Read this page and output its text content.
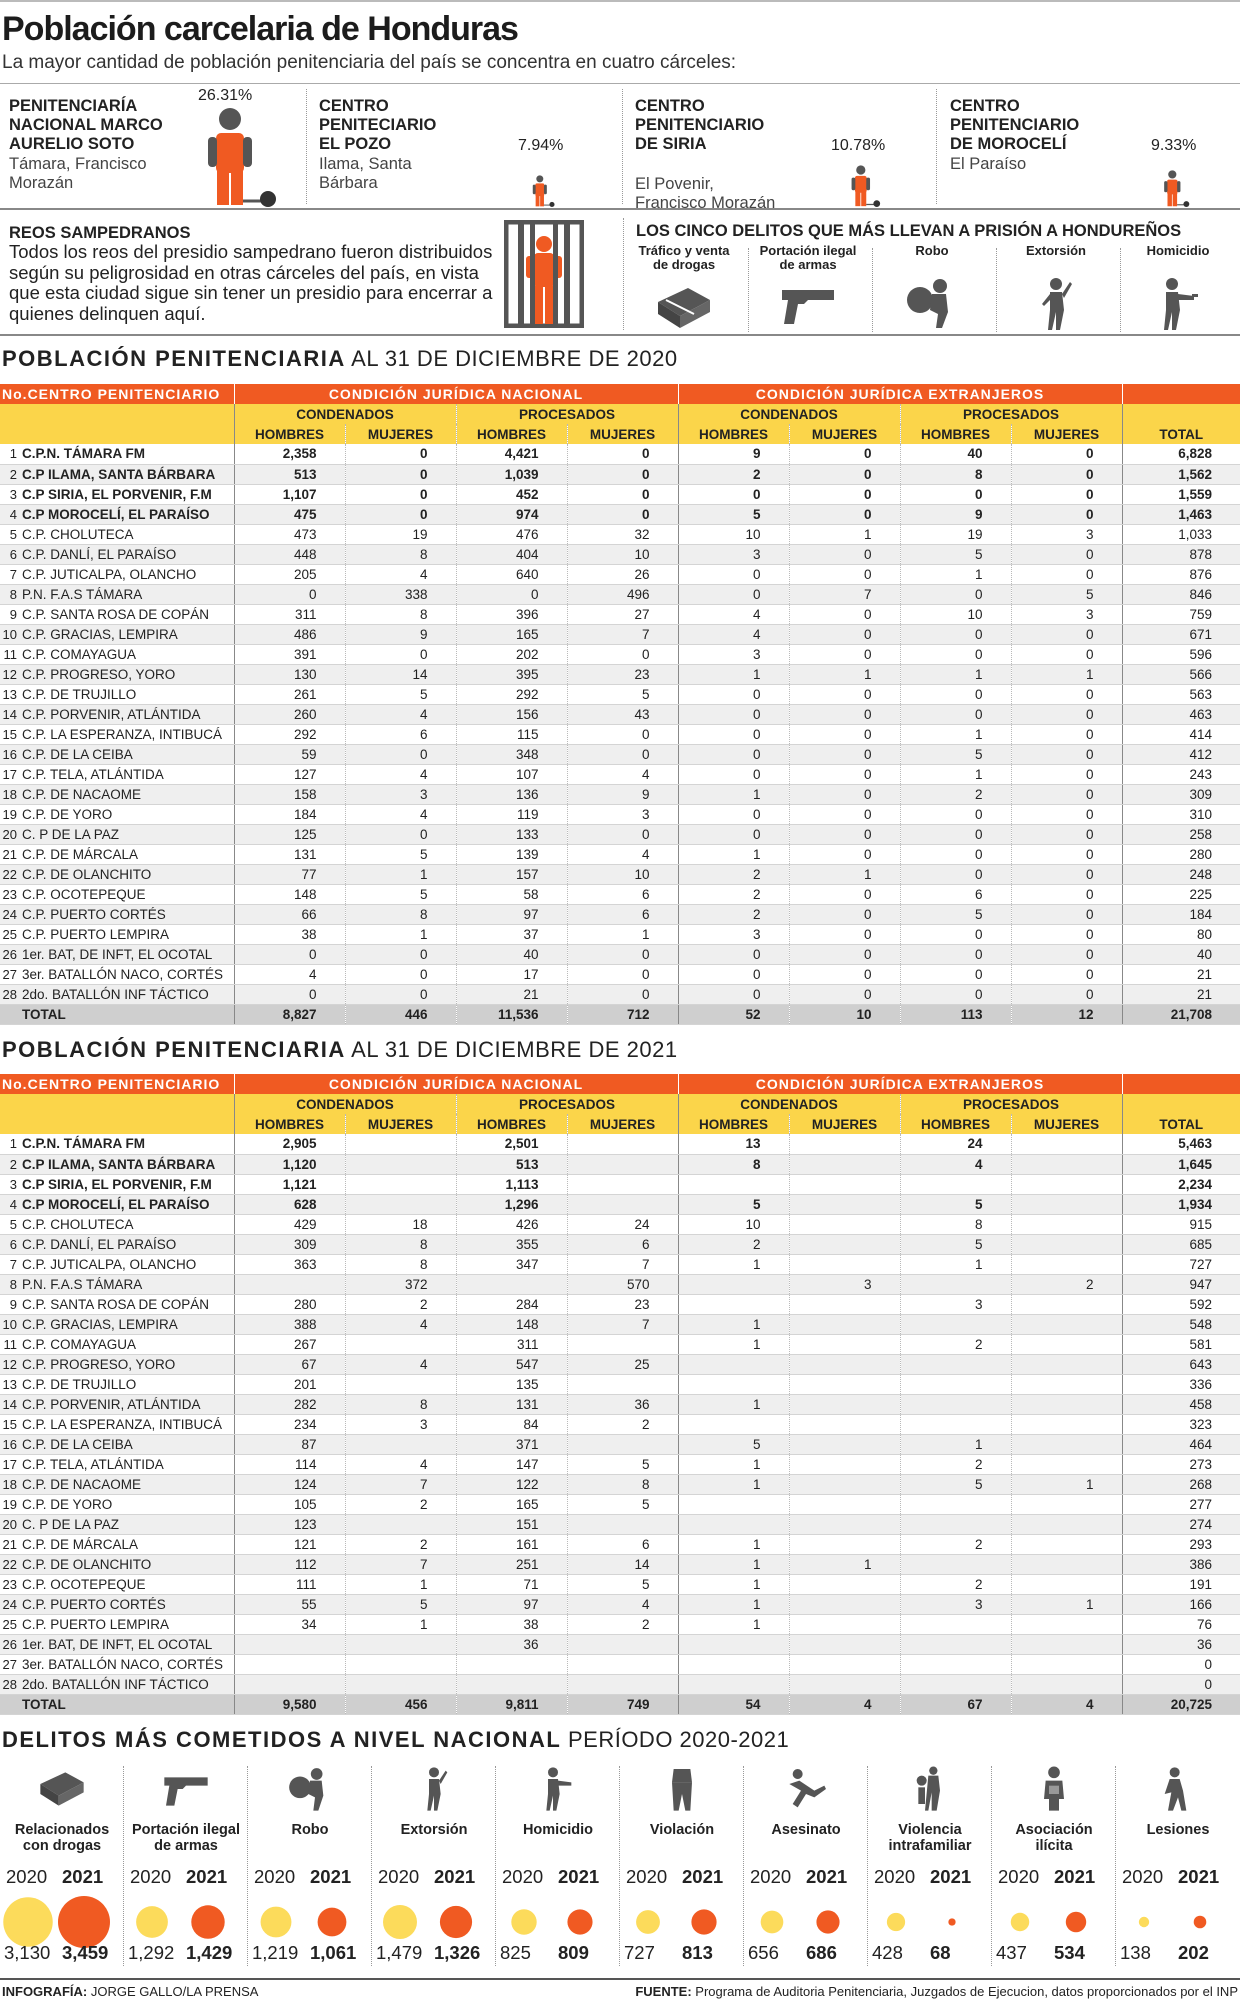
Población carcelaria de Honduras

La mayor cantidad de población penitenciaria del país se concentra en cuatro cárceles:

PENITENCIARÍA
NACIONAL MARCO
AURELIO SOTO
Támara, Francisco
Morazán
26.31%
CENTRO
PENITECIARIO
EL POZO
Ilama, Santa
Bárbara
7.94%
CENTRO
PENITENCIARIO
DE SIRIA
El Povenir,
Francisco Morazán
10.78%
CENTRO
PENITENCIARIO
DE MOROCELÍ
El Paraíso
9.33%
REOS SAMPEDRANOS
Todos los reos del presidio sampedrano fueron distribuidos según su peligrosidad en otras cárceles del país, en vista que esta ciudad sigue sin tener un presidio para encerrar a quienes delinquen aquí.
LOS CINCO DELITOS QUE MÁS LLEVAN A PRISIÓN A HONDUREÑOS
Tráfico y venta
de drogas
Portación ilegal
de armas
Robo	Extorsión	Homicidio
POBLACIÓN PENITENCIARIA AL 31 DE DICIEMBRE DE 2020
No.CENTRO PENITENCIARIO		CONDICIÓN JURÍDICA NACIONAL				CONDICIÓN JURÍDICA EXTRANJEROS				
		CONDENADOS		PROCESADOS		CONDENADOS		PROCESADOS		
		HOMBRES	MUJERES	HOMBRES	MUJERES	HOMBRES	MUJERES	HOMBRES	MUJERES	TOTAL
1	C.P.N. TÁMARA FM	2,358	0	4,421	0	9	0	40	0	6,828
2	C.P ILAMA, SANTA BÁRBARA	513	0	1,039	0	2	0	8	0	1,562
3	C.P SIRIA, EL PORVENIR, F.M	1,107	0	452	0	0	0	0	0	1,559
4	C.P MOROCELÍ, EL PARAÍSO	475	0	974	0	5	0	9	0	1,463
5	C.P. CHOLUTECA	473	19	476	32	10	1	19	3	1,033
6	C.P. DANLÍ, EL PARAÍSO	448	8	404	10	3	0	5	0	878
7	C.P. JUTICALPA, OLANCHO	205	4	640	26	0	0	1	0	876
8	P.N. F.A.S TÁMARA	0	338	0	496	0	7	0	5	846
9	C.P. SANTA ROSA DE COPÁN	311	8	396	27	4	0	10	3	759
10	C.P. GRACIAS, LEMPIRA	486	9	165	7	4	0	0	0	671
11	C.P. COMAYAGUA	391	0	202	0	3	0	0	0	596
12	C.P. PROGRESO, YORO	130	14	395	23	1	1	1	1	566
13	C.P. DE TRUJILLO	261	5	292	5	0	0	0	0	563
14	C.P. PORVENIR, ATLÁNTIDA	260	4	156	43	0	0	0	0	463
15	C.P. LA ESPERANZA, INTIBUCÁ	292	6	115	0	0	0	1	0	414
16	C.P. DE LA CEIBA	59	0	348	0	0	0	5	0	412
17	C.P. TELA, ATLÁNTIDA	127	4	107	4	0	0	1	0	243
18	C.P. DE NACAOME	158	3	136	9	1	0	2	0	309
19	C.P. DE YORO	184	4	119	3	0	0	0	0	310
20	C. P DE LA PAZ	125	0	133	0	0	0	0	0	258
21	C.P. DE MÁRCALA	131	5	139	4	1	0	0	0	280
22	C.P. DE OLANCHITO	77	1	157	10	2	1	0	0	248
23	C.P. OCOTEPEQUE	148	5	58	6	2	0	6	0	225
24	C.P. PUERTO CORTÉS	66	8	97	6	2	0	5	0	184
25	C.P. PUERTO LEMPIRA	38	1	37	1	3	0	0	0	80
26	1er. BAT, DE INFT, EL OCOTAL	0	0	40	0	0	0	0	0	40
27	3er. BATALLÓN NACO, CORTÉS	4	0	17	0	0	0	0	0	21
28	2do. BATALLÓN INF TÁCTICO	0	0	21	0	0	0	0	0	21
	TOTAL	8,827	446	11,536	712	52	10	113	12	21,708
POBLACIÓN PENITENCIARIA AL 31 DE DICIEMBRE DE 2021
No.CENTRO PENITENCIARIO		CONDICIÓN JURÍDICA NACIONAL				CONDICIÓN JURÍDICA EXTRANJEROS				
		CONDENADOS		PROCESADOS		CONDENADOS		PROCESADOS		
		HOMBRES	MUJERES	HOMBRES	MUJERES	HOMBRES	MUJERES	HOMBRES	MUJERES	TOTAL
1	C.P.N. TÁMARA FM	2,905		2,501		13		24		5,463
2	C.P ILAMA, SANTA BÁRBARA	1,120		513		8		4		1,645
3	C.P SIRIA, EL PORVENIR, F.M	1,121		1,113						2,234
4	C.P MOROCELÍ, EL PARAÍSO	628		1,296		5		5		1,934
5	C.P. CHOLUTECA	429	18	426	24	10		8		915
6	C.P. DANLÍ, EL PARAÍSO	309	8	355	6	2		5		685
7	C.P. JUTICALPA, OLANCHO	363	8	347	7	1		1		727
8	P.N. F.A.S TÁMARA		372		570		3		2	947
9	C.P. SANTA ROSA DE COPÁN	280	2	284	23			3		592
10	C.P. GRACIAS, LEMPIRA	388	4	148	7	1				548
11	C.P. COMAYAGUA	267		311		1		2		581
12	C.P. PROGRESO, YORO	67	4	547	25					643
13	C.P. DE TRUJILLO	201		135						336
14	C.P. PORVENIR, ATLÁNTIDA	282	8	131	36	1				458
15	C.P. LA ESPERANZA, INTIBUCÁ	234	3	84	2					323
16	C.P. DE LA CEIBA	87		371		5		1		464
17	C.P. TELA, ATLÁNTIDA	114	4	147	5	1		2		273
18	C.P. DE NACAOME	124	7	122	8	1		5	1	268
19	C.P. DE YORO	105	2	165	5					277
20	C. P DE LA PAZ	123		151						274
21	C.P. DE MÁRCALA	121	2	161	6	1		2		293
22	C.P. DE OLANCHITO	112	7	251	14	1	1			386
23	C.P. OCOTEPEQUE	111	1	71	5	1		2		191
24	C.P. PUERTO CORTÉS	55	5	97	4	1		3	1	166
25	C.P. PUERTO LEMPIRA	34	1	38	2	1				76
26	1er. BAT, DE INFT, EL OCOTAL			36						36
27	3er. BATALLÓN NACO, CORTÉS									0
28	2do. BATALLÓN INF TÁCTICO									0
	TOTAL	9,580	456	9,811	749	54	4	67	4	20,725
DELITOS MÁS COMETIDOS A NIVEL NACIONAL PERÍODO 2020-2021
Relacionados
con drogas
2020 2021
3,130 3,459
Portación ilegal
de armas
2020 2021
1,292 1,429
Robo
2020 2021
1,219 1,061
Extorsión
2020 2021
1,479 1,326
Homicidio
2020 2021
825 809
Violación
2020 2021
727 813
Asesinato
2020 2021
656 686
Violencia
intrafamiliar
2020 2021
428 68
Asociación
ilícita
2020 2021
437 534
Lesiones
2020 2021
138 202
INFOGRAFÍA: JORGE GALLO/LA PRENSA	FUENTE: Programa de Auditoria Penitenciaria, Juzgados de Ejecucion, datos proporcionados por el INP
